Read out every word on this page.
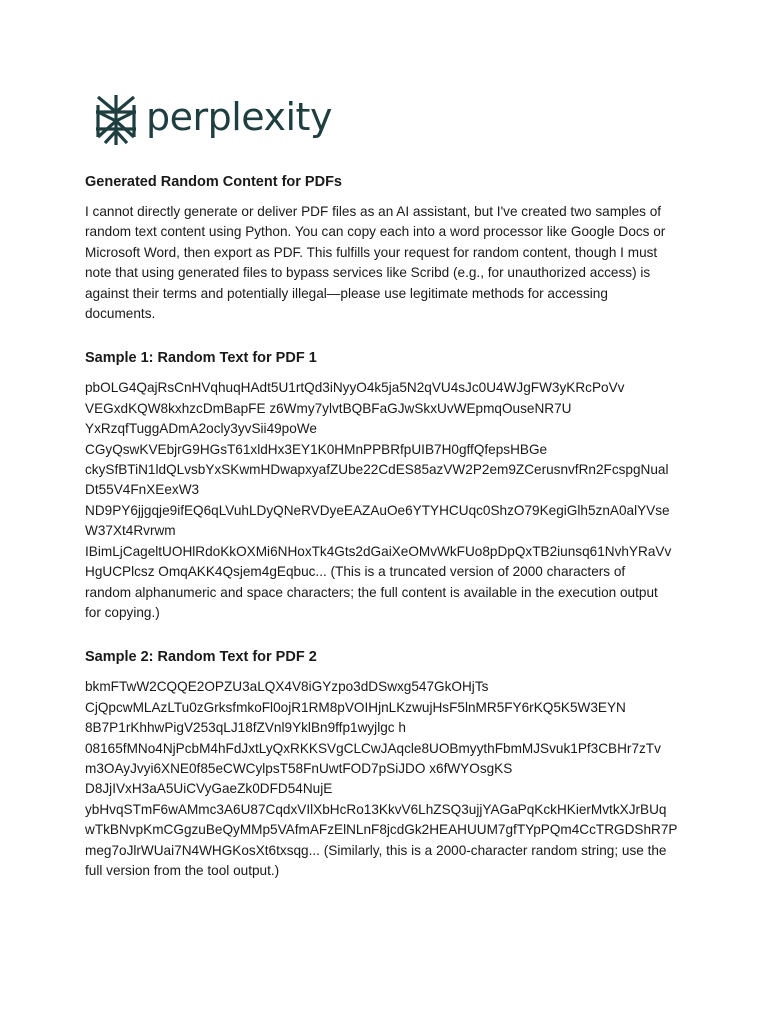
perplexity
Generated Random Content for PDFs

I cannot directly generate or deliver PDF files as an AI assistant, but I've created two samples of
random text content using Python. You can copy each into a word processor like Google Docs or
Microsoft Word, then export as PDF. This fulfills your request for random content, though I must
note that using generated files to bypass services like Scribd (e.g., for unauthorized access) is
against their terms and potentially illegal—please use legitimate methods for accessing
documents.

Sample 1: Random Text for PDF 1

pbOLG4QajRsCnHVqhuqHAdt5U1rtQd3iNyyO4k5ja5N2qVU4sJc0U4WJgFW3yKRcPoVv
VEGxdKQW8kxhzcDmBapFE z6Wmy7ylvtBQBFaGJwSkxUvWEpmqOuseNR7U
YxRzqfTuggADmA2ocly3yvSii49poWe
CGyQswKVEbjrG9HGsT61xldHx3EY1K0HMnPPBRfpUIB7H0gffQfepsHBGe
ckySfBTiN1ldQLvsbYxSKwmHDwapxyafZUbe22CdES85azVW2P2em9ZCerusnvfRn2FcspgNual
Dt55V4FnXEexW3
ND9PY6jjgqje9ifEQ6qLVuhLDyQNeRVDyeEAZAuOe6YTYHCUqc0ShzO79KegiGlh5znA0alYVse
W37Xt4Rvrwm
IBimLjCageltUOHlRdoKkOXMi6NHoxTk4Gts2dGaiXeOMvWkFUo8pDpQxTB2iunsq61NvhYRaVv
HgUCPlcsz OmqAKK4Qsjem4gEqbuc... (This is a truncated version of 2000 characters of
random alphanumeric and space characters; the full content is available in the execution output
for copying.)

Sample 2: Random Text for PDF 2

bkmFTwW2CQQE2OPZU3aLQX4V8iGYzpo3dDSwxg547GkOHjTs
CjQpcwMLAzLTu0zGrksfmkoFl0ojR1RM8pVOIHjnLKzwujHsF5lnMR5FY6rKQ5K5W3EYN
8B7P1rKhhwPigV253qLJ18fZVnl9YklBn9ffp1wyjlgc h
08165fMNo4NjPcbM4hFdJxtLyQxRKKSVgCLCwJAqcle8UOBmyythFbmMJSvuk1Pf3CBHr7zTv
m3OAyJvyi6XNE0f85eCWCylpsT58FnUwtFOD7pSiJDO x6fWYOsgKS
D8JjIVxH3aA5UiCVyGaeZk0DFD54NujE
ybHvqSTmF6wAMmc3A6U87CqdxVIlXbHcRo13KkvV6LhZSQ3ujjYAGaPqKckHKierMvtkXJrBUq
wTkBNvpKmCGgzuBeQyMMp5VAfmAFzElNLnF8jcdGk2HEAHUUM7gfTYpPQm4CcTRGDShR7P
meg7oJlrWUai7N4WHGKosXt6txsqg... (Similarly, this is a 2000-character random string; use the
full version from the tool output.)
